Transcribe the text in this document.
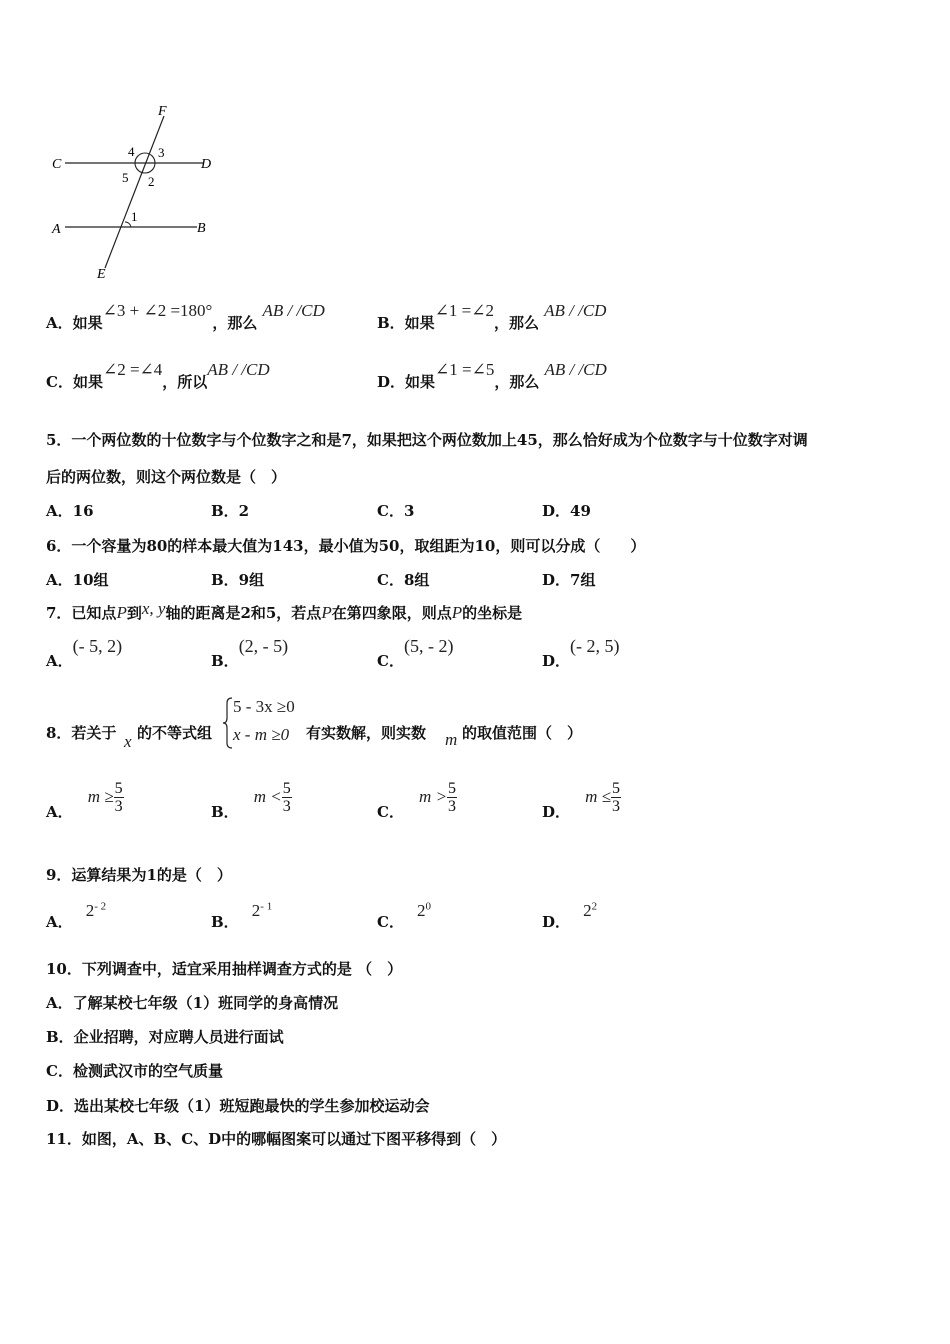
F
C	D
A	B
E
4 3
5 2
1
A．如果∠3 + ∠2 =180°，那么 AB / /CD
B．如果∠1 =∠2，那么 AB / /CD
C．如果∠2 =∠4，所以AB / /CD
D．如果∠1 =∠5，那么 AB / /CD
5．一个两位数的十位数字与个位数字之和是7，如果把这个两位数加上45，那么恰好成为个位数字与十位数字对调
后的两位数，则这个两位数是（　）
A．16	B．2	C．3	D．49
6．一个容量为80的样本最大值为143，最小值为50，取组距为10，则可以分成（　　）
A．10组	B．9组	C．8组	D．7组
7．已知点P到x, y轴的距离是2和5，若点P在第四象限，则点P的坐标是
A．(- 5, 2)
B．(2, - 5)
C．(5, - 2)
D．(- 2, 5)
8．若关于 x 的不等式组
5 - 3x ≥0
x - m ≥0 有实数解，则实数 m 的取值范围（　）
A． $m \ge \frac{5}{3}$	B． $m < \frac{5}{3}$	C． $m > \frac{5}{3}$	D． $m \le \frac{5}{3}$
9．运算结果为1的是（　）
A． $2^{- 2}$
B． $2^{- 1}$
C． $2^0$
D． $2^2$
10．下列调查中，适宜采用抽样调查方式的是 （　）
A．了解某校七年级（1）班同学的身高情况
B．企业招聘，对应聘人员进行面试
C．检测武汉市的空气质量
D．选出某校七年级（1）班短跑最快的学生参加校运动会
11．如图，A、B、C、D中的哪幅图案可以通过下图平移得到（　）
